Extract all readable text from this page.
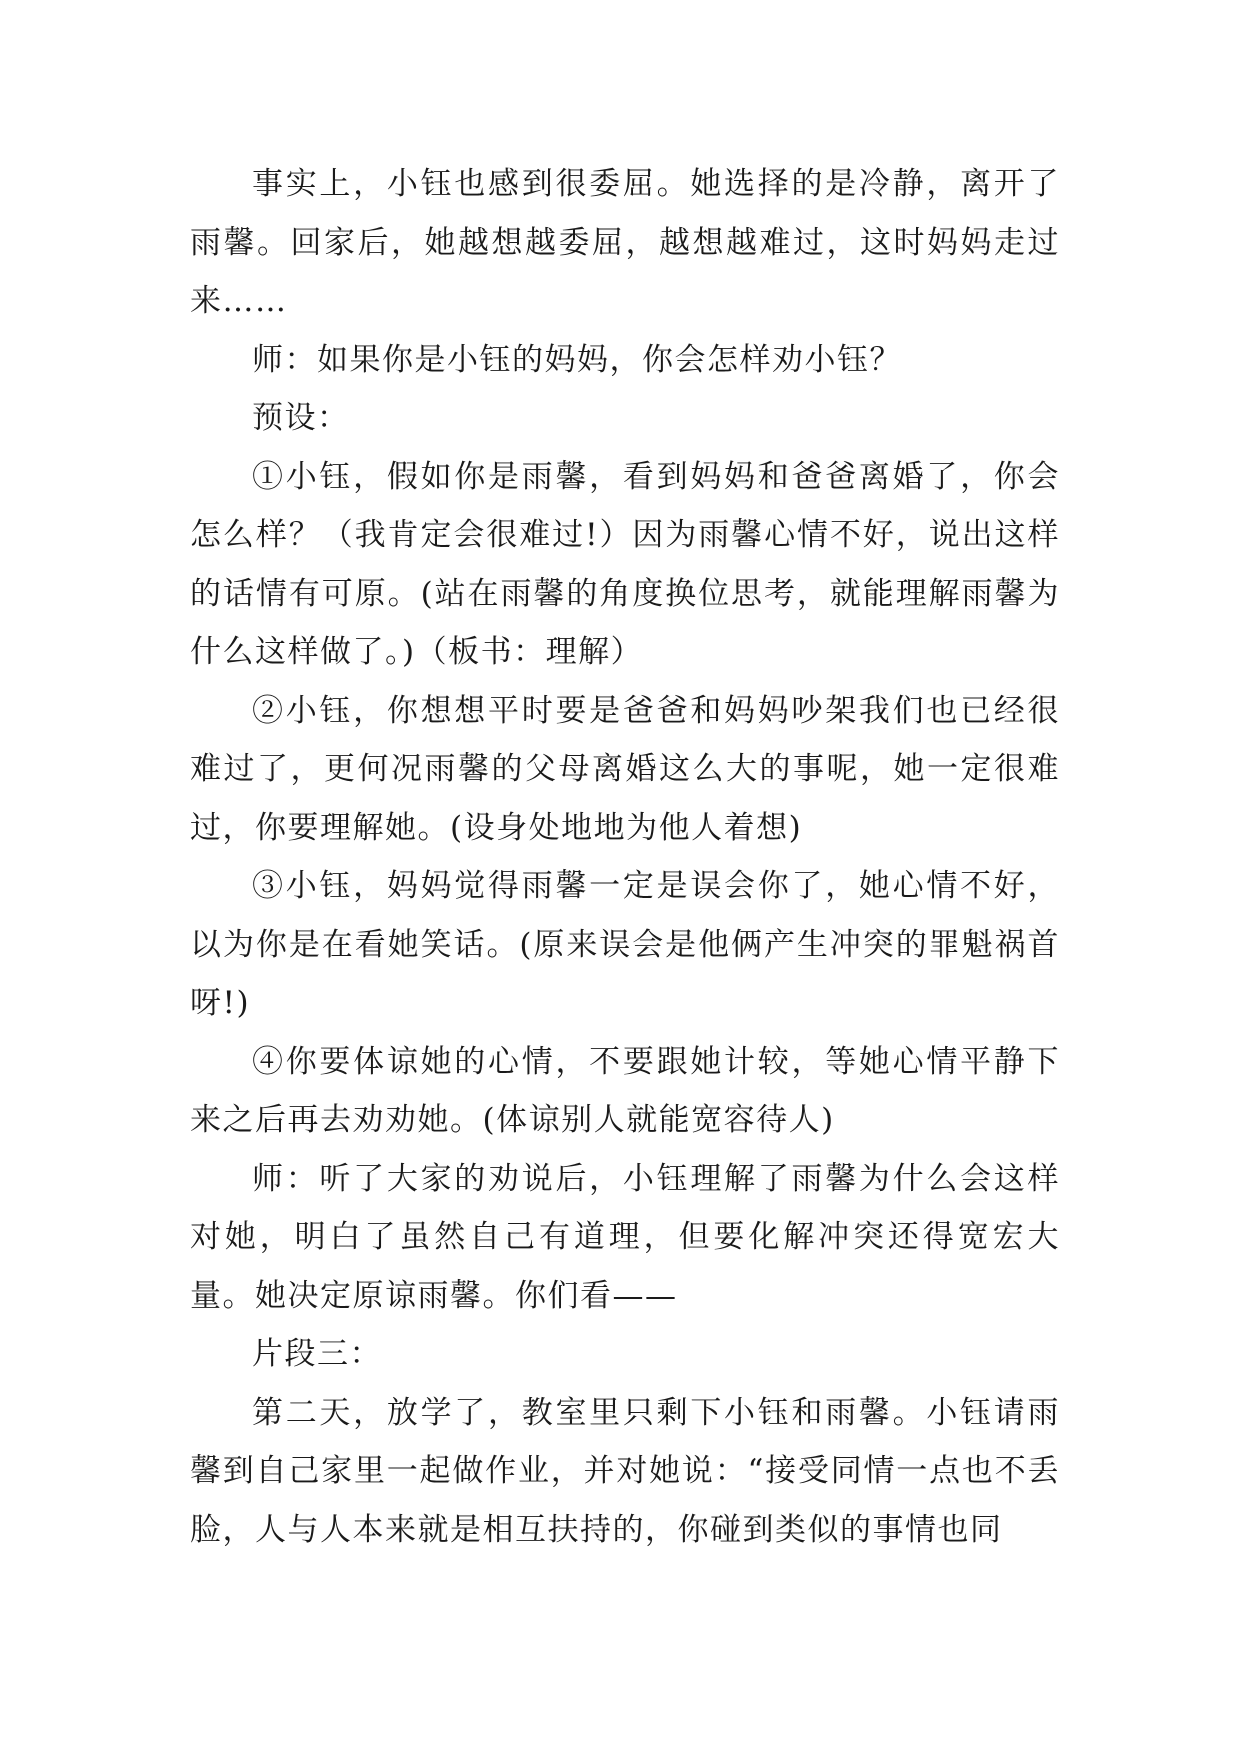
事实上，小钰也感到很委屈。她选择的是冷静，离开了雨馨。回家后，她越想越委屈，越想越难过，这时妈妈走过来……

师：如果你是小钰的妈妈，你会怎样劝小钰？

预设：

①小钰，假如你是雨馨，看到妈妈和爸爸离婚了，你会怎么样？（我肯定会很难过!）因为雨馨心情不好，说出这样的话情有可原。(站在雨馨的角度换位思考，就能理解雨馨为什么这样做了。)（板书：理解）

②小钰，你想想平时要是爸爸和妈妈吵架我们也已经很难过了，更何况雨馨的父母离婚这么大的事呢，她一定很难过，你要理解她。(设身处地地为他人着想)

③小钰，妈妈觉得雨馨一定是误会你了，她心情不好，以为你是在看她笑话。(原来误会是他俩产生冲突的罪魁祸首呀!)

④你要体谅她的心情，不要跟她计较，等她心情平静下来之后再去劝劝她。(体谅别人就能宽容待人)

师：听了大家的劝说后，小钰理解了雨馨为什么会这样对她，明白了虽然自己有道理，但要化解冲突还得宽宏大量。她决定原谅雨馨。你们看——

片段三：

第二天，放学了，教室里只剩下小钰和雨馨。小钰请雨馨到自己家里一起做作业，并对她说：“接受同情一点也不丢脸，人与人本来就是相互扶持的，你碰到类似的事情也同
